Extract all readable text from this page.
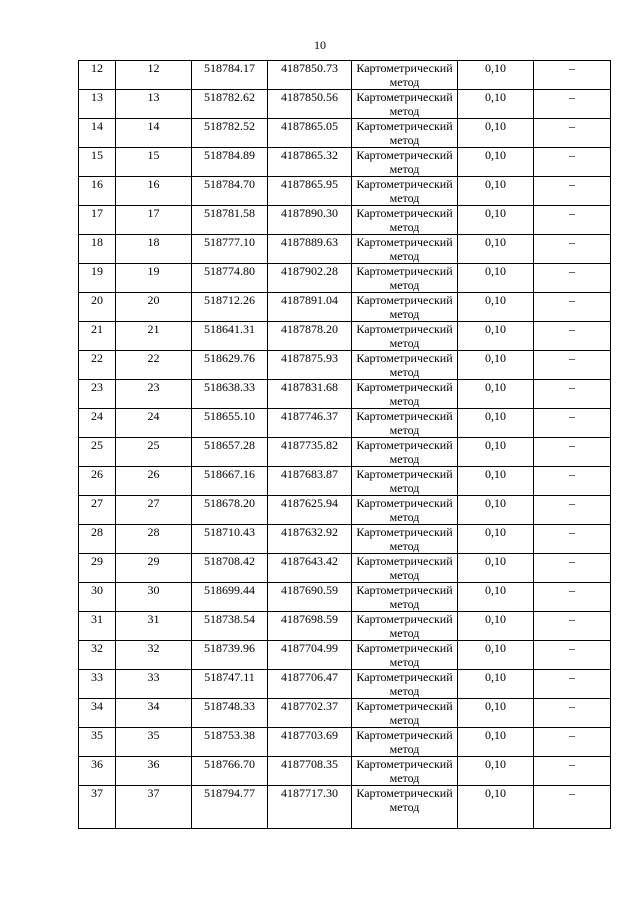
10
12	12	518784.17	4187850.73	Картометрический метод	0,10	–
13	13	518782.62	4187850.56	Картометрический метод	0,10	–
14	14	518782.52	4187865.05	Картометрический метод	0,10	–
15	15	518784.89	4187865.32	Картометрический метод	0,10	–
16	16	518784.70	4187865.95	Картометрический метод	0,10	–
17	17	518781.58	4187890.30	Картометрический метод	0,10	–
18	18	518777.10	4187889.63	Картометрический метод	0,10	–
19	19	518774.80	4187902.28	Картометрический метод	0,10	–
20	20	518712.26	4187891.04	Картометрический метод	0,10	–
21	21	518641.31	4187878.20	Картометрический метод	0,10	–
22	22	518629.76	4187875.93	Картометрический метод	0,10	–
23	23	518638.33	4187831.68	Картометрический метод	0,10	–
24	24	518655.10	4187746.37	Картометрический метод	0,10	–
25	25	518657.28	4187735.82	Картометрический метод	0,10	–
26	26	518667.16	4187683.87	Картометрический метод	0,10	–
27	27	518678.20	4187625.94	Картометрический метод	0,10	–
28	28	518710.43	4187632.92	Картометрический метод	0,10	–
29	29	518708.42	4187643.42	Картометрический метод	0,10	–
30	30	518699.44	4187690.59	Картометрический метод	0,10	–
31	31	518738.54	4187698.59	Картометрический метод	0,10	–
32	32	518739.96	4187704.99	Картометрический метод	0,10	–
33	33	518747.11	4187706.47	Картометрический метод	0,10	–
34	34	518748.33	4187702.37	Картометрический метод	0,10	–
35	35	518753.38	4187703.69	Картометрический метод	0,10	–
36	36	518766.70	4187708.35	Картометрический метод	0,10	–
37	37	518794.77	4187717.30	Картометрический метод	0,10	–
